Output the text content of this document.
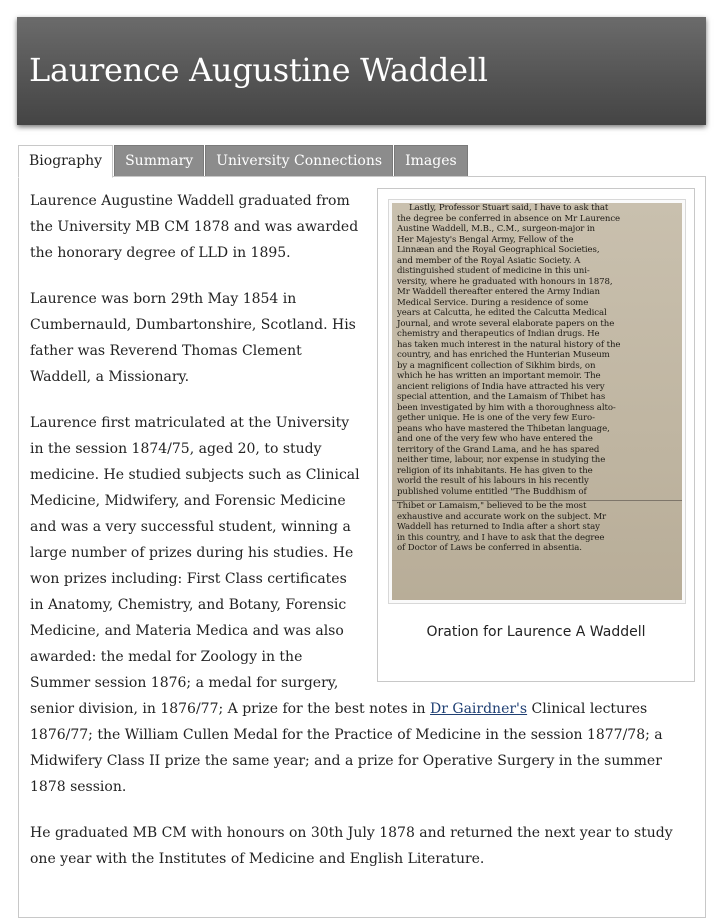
Laurence Augustine Waddell
Biography	Summary	University Connections	Images
Lastly, Professor Stuart said, I have to ask that
the degree be conferred in absence on Mr Laurence
Austine Waddell, M.B., C.M., surgeon-major in
Her Majesty's Bengal Army, Fellow of the
Linnæan and the Royal Geographical Societies,
and member of the Royal Asiatic Society. A
distinguished student of medicine in this uni-
versity, where he graduated with honours in 1878,
Mr Waddell thereafter entered the Army Indian
Medical Service. During a residence of some
years at Calcutta, he edited the Calcutta Medical
Journal, and wrote several elaborate papers on the
chemistry and therapeutics of Indian drugs. He
has taken much interest in the natural history of the
country, and has enriched the Hunterian Museum
by a magnificent collection of Sikhim birds, on
which he has written an important memoir. The
ancient religions of India have attracted his very
special attention, and the Lamaism of Thibet has
been investigated by him with a thoroughness alto-
gether unique. He is one of the very few Euro-
peans who have mastered the Thibetan language,
and one of the very few who have entered the
territory of the Grand Lama, and he has spared
neither time, labour, nor expense in studying the
religion of its inhabitants. He has given to the
world the result of his labours in his recently
published volume entitled "The Buddhism of
Thibet or Lamaism," believed to be the most
exhaustive and accurate work on the subject. Mr
Waddell has returned to India after a short stay
in this country, and I have to ask that the degree
of Doctor of Laws be conferred in absentia.
Oration for Laurence A Waddell

Laurence Augustine Waddell graduated from the University MB CM 1878 and was awarded the honorary degree of LLD in 1895.

Laurence was born 29th May 1854 in Cumbernauld, Dumbartonshire, Scotland. His father was Reverend Thomas Clement Waddell, a Missionary.

Laurence first matriculated at the University in the session 1874/75, aged 20, to study medicine. He studied subjects such as Clinical Medicine, Midwifery, and Forensic Medicine and was a very successful student, winning a large number of prizes during his studies. He won prizes including: First Class certificates in Anatomy, Chemistry, and Botany, Forensic Medicine, and Materia Medica and was also awarded: the medal for Zoology in the Summer session 1876; a medal for surgery, senior division, in 1876/77; A prize for the best notes in Dr Gairdner's Clinical lectures 1876/77; the William Cullen Medal for the Practice of Medicine in the session 1877/78; a Midwifery Class II prize the same year; and a prize for Operative Surgery in the summer 1878 session.

He graduated MB CM with honours on 30th July 1878 and returned the next year to study one year with the Institutes of Medicine and English Literature.
